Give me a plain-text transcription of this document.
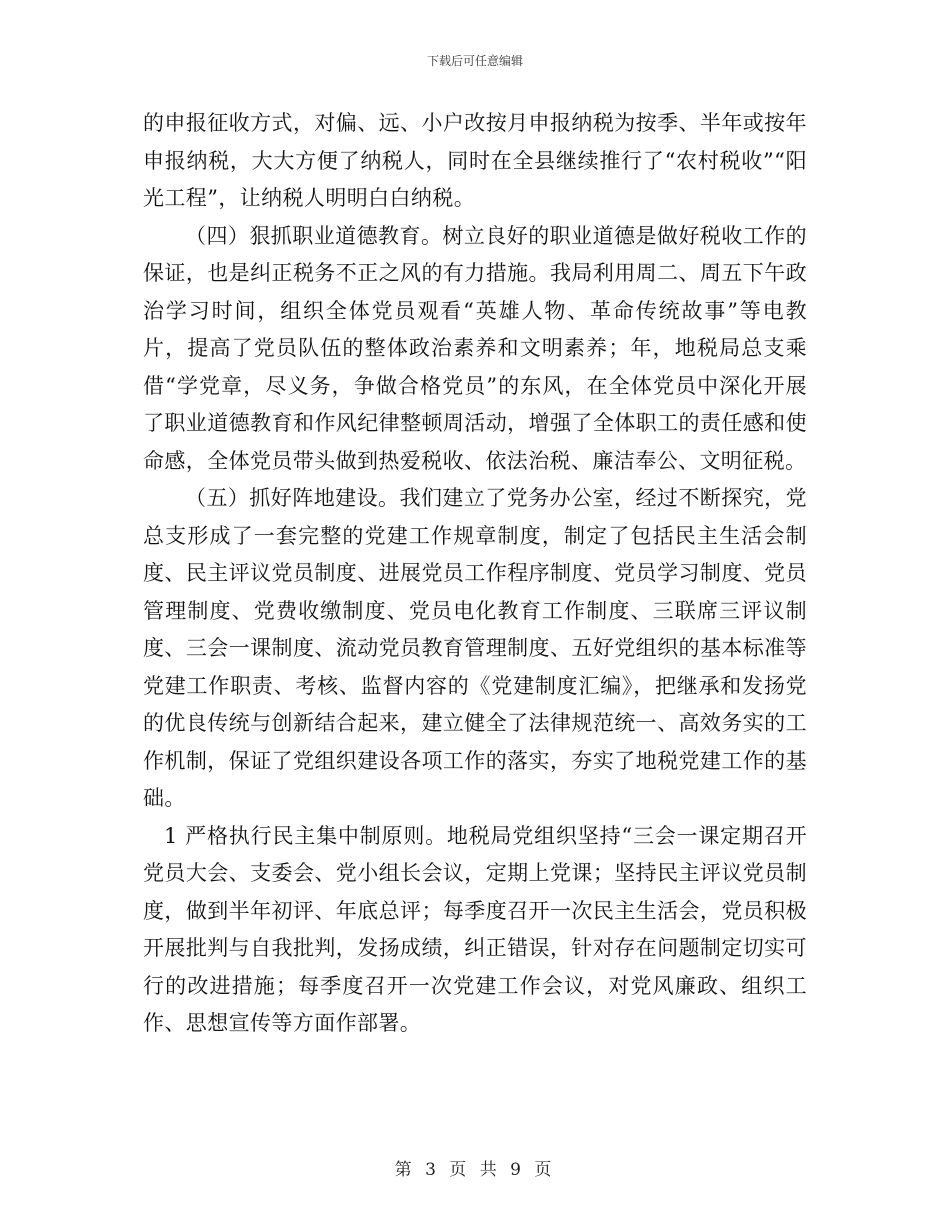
下载后可任意编辑

的申报征收方式，对偏、远、小户改按月申报纳税为按季、半年或按年申报纳税，大大方便了纳税人，同时在全县继续推行了“农村税收”“阳光工程”，让纳税人明明白白纳税。

（四）狠抓职业道德教育。树立良好的职业道德是做好税收工作的保证，也是纠正税务不正之风的有力措施。我局利用周二、周五下午政治学习时间，组织全体党员观看“英雄人物、革命传统故事”等电教片，提高了党员队伍的整体政治素养和文明素养；年，地税局总支乘借“学党章，尽义务，争做合格党员”的东风，在全体党员中深化开展了职业道德教育和作风纪律整顿周活动，增强了全体职工的责任感和使命感，全体党员带头做到热爱税收、依法治税、廉洁奉公、文明征税。

（五）抓好阵地建设。我们建立了党务办公室，经过不断探究，党总支形成了一套完整的党建工作规章制度，制定了包括民主生活会制度、民主评议党员制度、进展党员工作程序制度、党员学习制度、党员管理制度、党费收缴制度、党员电化教育工作制度、三联席三评议制度、三会一课制度、流动党员教育管理制度、五好党组织的基本标准等党建工作职责、考核、监督内容的《党建制度汇编》，把继承和发扬党的优良传统与创新结合起来，建立健全了法律规范统一、高效务实的工作机制，保证了党组织建设各项工作的落实，夯实了地税党建工作的基础。

1 严格执行民主集中制原则。地税局党组织坚持“三会一课定期召开党员大会、支委会、党小组长会议，定期上党课；坚持民主评议党员制度，做到半年初评、年底总评；每季度召开一次民主生活会，党员积极开展批判与自我批判，发扬成绩，纠正错误，针对存在问题制定切实可行的改进措施；每季度召开一次党建工作会议，对党风廉政、组织工作、思想宣传等方面作部署。

第 3 页 共 9 页
